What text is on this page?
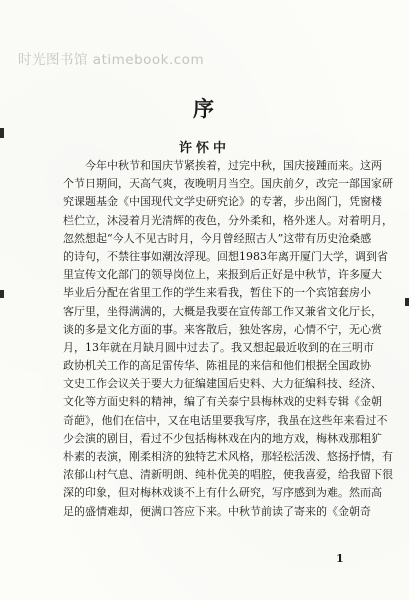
时光图书馆 atimebook.com
序
许怀中
今年中秋节和国庆节紧挨着，过完中秋，国庆接踵而来。这两
个节日期间，天高气爽，夜晚明月当空。国庆前夕，改完一部国家研
究课题基金《中国现代文学史研究论》的专著，步出阁门，凭窗楼
栏伫立，沐浸着月光清辉的夜色，分外柔和，格外迷人。对着明月，
忽然想起“今人不见古时月，今月曾经照古人”这带有历史沧桑感
的诗句，不禁往事如潮汝浮现。回想1983年离开厦门大学，调到省
里宣传文化部门的领导岗位上，来报到后正好是中秋节，许多厦大
毕业后分配在省里工作的学生来看我，暂住下的一个宾馆套房小
客厅里，坐得满满的，大概是我要在宣传部工作又兼省文化厅长，
谈的多是文化方面的事。来客散后，独处客房，心情不宁，无心赏
月，13年就在月缺月圆中过去了。我又想起最近收到的在三明市
政协机关工作的高足雷传华、陈祖昆的来信和他们根据全国政协
文史工作会议关于要大力征编建国后史料、大力征编科技、经济、
文化等方面史料的精神，编了有关泰宁县梅林戏的史料专辑《金朝
奇葩》，他们在信中，又在电话里要我写序，我虽在这些年来看过不
少会演的剧目，看过不少包括梅林戏在内的地方戏，梅林戏那粗犷
朴素的表演，刚柔相济的独特艺术风格，那轻松活泼、悠扬抒情，有
浓郁山村气息、清新明朗、纯朴优美的唱腔，使我喜爱，给我留下很
深的印象，但对梅林戏谈不上有什么研究，写序感到为难。然而高
足的盛情难却，便满口答应下来。中秋节前读了寄来的《金朝奇
1
